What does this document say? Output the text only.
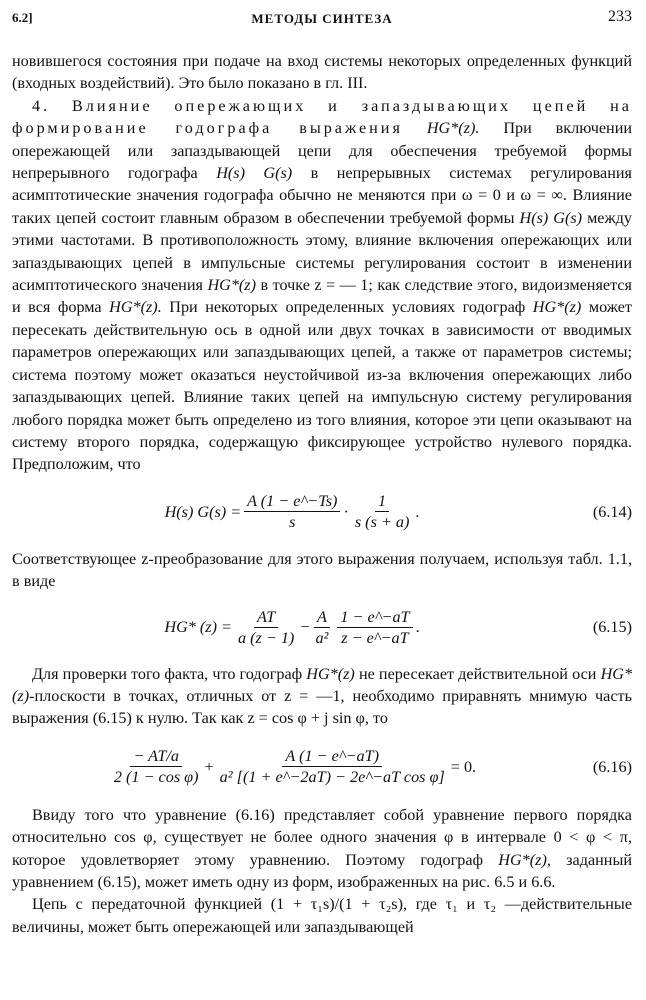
6.2]	МЕТОДЫ СИНТЕЗА	233

новившегося состояния при подаче на вход системы некоторых определенных функций (входных воздействий). Это было показано в гл. III.

4. Влияние опережающих и запаздывающих цепей на формирование годографа выражения HG*(z). При включении опережающей или запаздывающей цепи для обеспечения требуемой формы непрерывного годографа H(s) G(s) в непрерывных системах регулирования асимптотические значения годографа обычно не меняются при ω = 0 и ω = ∞. Влияние таких цепей состоит главным образом в обеспечении требуемой формы H(s) G(s) между этими частотами. В противоположность этому, влияние включения опережающих или запаздывающих цепей в импульсные системы регулирования состоит в изменении асимптотического значения HG*(z) в точке z = — 1; как следствие этого, видоизменяется и вся форма HG*(z). При некоторых определенных условиях годограф HG*(z) может пересекать действительную ось в одной или двух точках в зависимости от вводимых параметров опережающих или запаздывающих цепей, а также от параметров системы; система поэтому может оказаться неустойчивой из-за включения опережающих либо запаздывающих цепей. Влияние таких цепей на импульсную систему регулирования любого порядка может быть определено из того влияния, которое эти цепи оказывают на систему второго порядка, содержащую фиксирующее устройство нулевого порядка. Предположим, что

H(s) $G(s) = \frac{A (1 - e\^{}-Ts)}{s} \cdot \frac{1}{s (s + a)}$ .	(6.14)

Соответствующее z-преобразование для этого выражения получаем, используя табл. 1.1, в виде

HG* $(z) = \frac{AT}{a (z - 1)} - \frac{A}{\text{a²}} \frac{1 - e\^{}-aT}{z - e\^{}-aT}$ .	(6.15)

Для проверки того факта, что годограф HG*(z) не пересекает действительной оси HG*(z)-плоскости в точках, отличных от z = —1, необходимо приравнять мнимую часть выражения (6.15) к нулю. Так как z = cos φ + j sin φ, то

$\frac{- AT/a}{\text{2 (1 − cos φ)}} + \frac{A (1 - e\^{}-aT)}{\text{a² [(1 + e\textasciicircum{}−2aT) − 2e\textasciicircum{}−aT cos φ]}} = 0$.	(6.16)

Ввиду того что уравнение (6.16) представляет собой уравнение первого порядка относительно cos φ, существует не более одного значения φ в интервале 0 < φ < π, которое удовлетворяет этому уравнению. Поэтому годограф HG*(z), заданный уравнением (6.15), может иметь одну из форм, изображенных на рис. 6.5 и 6.6.

Цепь с передаточной функцией (1 + τ₁s)/(1 + τ₂s), где τ₁ и τ₂ —действительные величины, может быть опережающей или запаздывающей
